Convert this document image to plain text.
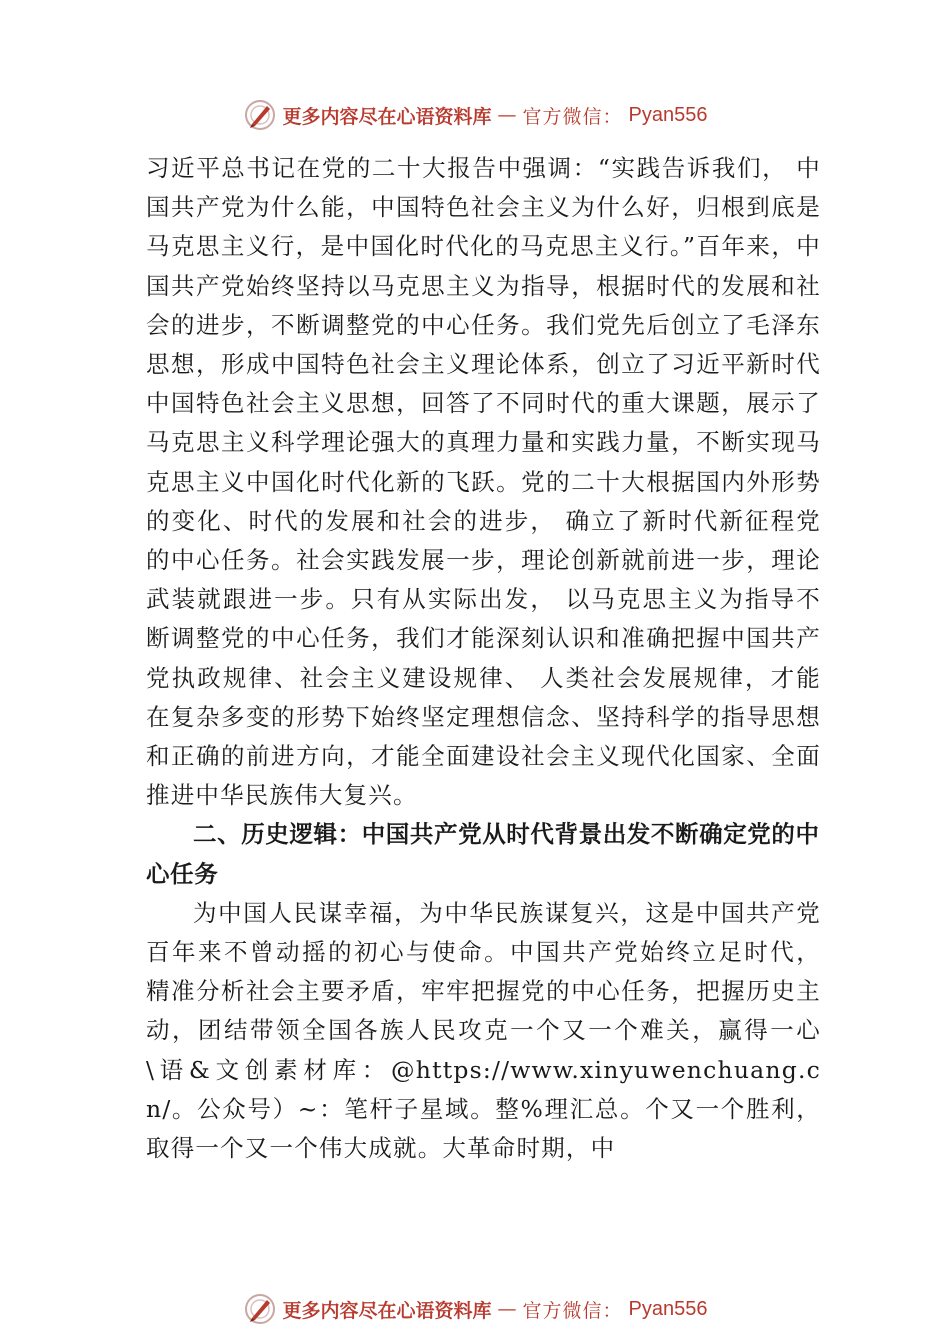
更多内容尽在心语资料库 — 官方微信： Pyan556

习近平总书记在党的二十大报告中强调：“实践告诉我们， 中国共产党为什么能，中国特色社会主义为什么好，归根到底是马克思主义行，是中国化时代化的马克思主义行。”百年来，中国共产党始终坚持以马克思主义为指导，根据时代的发展和社会的进步，不断调整党的中心任务。我们党先后创立了毛泽东思想，形成中国特色社会主义理论体系，创立了习近平新时代中国特色社会主义思想，回答了不同时代的重大课题，展示了马克思主义科学理论强大的真理力量和实践力量，不断实现马克思主义中国化时代化新的飞跃。党的二十大根据国内外形势的变化、时代的发展和社会的进步， 确立了新时代新征程党的中心任务。社会实践发展一步，理论创新就前进一步，理论武装就跟进一步。只有从实际出发， 以马克思主义为指导不断调整党的中心任务，我们才能深刻认识和准确把握中国共产党执政规律、社会主义建设规律、 人类社会发展规律，才能在复杂多变的形势下始终坚定理想信念、坚持科学的指导思想和正确的前进方向，才能全面建设社会主义现代化国家、全面推进中华民族伟大复兴。

二、历史逻辑：中国共产党从时代背景出发不断确定党的中心任务

为中国人民谋幸福，为中华民族谋复兴，这是中国共产党百年来不曾动摇的初心与使命。中国共产党始终立足时代， 精准分析社会主要矛盾，牢牢把握党的中心任务，把握历史主动，团结带领全国各族人民攻克一个又一个难关，赢得一心\语&文创素材库：@https://www.xinyuwenchuang.cn/。公众号）~：笔杆子星域。整%理汇总。个又一个胜利，取得一个又一个伟大成就。大革命时期，中

更多内容尽在心语资料库 — 官方微信： Pyan556
